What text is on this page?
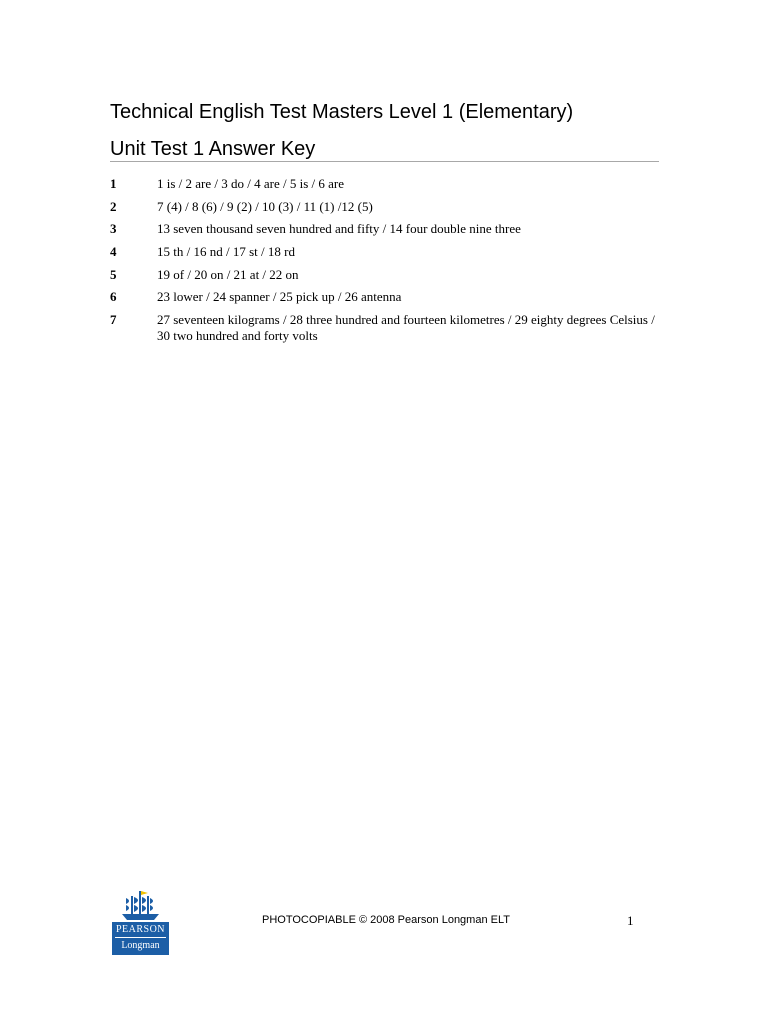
Technical English Test Masters Level 1 (Elementary)
Unit Test 1 Answer Key
1	1 is / 2 are / 3 do / 4 are / 5 is / 6 are
2	7 (4) / 8 (6) / 9 (2) / 10 (3) / 11 (1) /12 (5)
3	13 seven thousand seven hundred and fifty / 14 four double nine three
4	15 th / 16 nd / 17 st / 18 rd
5	19 of / 20 on / 21 at / 22 on
6	23 lower / 24 spanner / 25 pick up / 26 antenna
7	27 seventeen kilograms / 28 three hundred and fourteen kilometres / 29 eighty degrees Celsius / 30 two hundred and forty volts
PEARSON
Longman
PHOTOCOPIABLE © 2008 Pearson Longman ELT	1
